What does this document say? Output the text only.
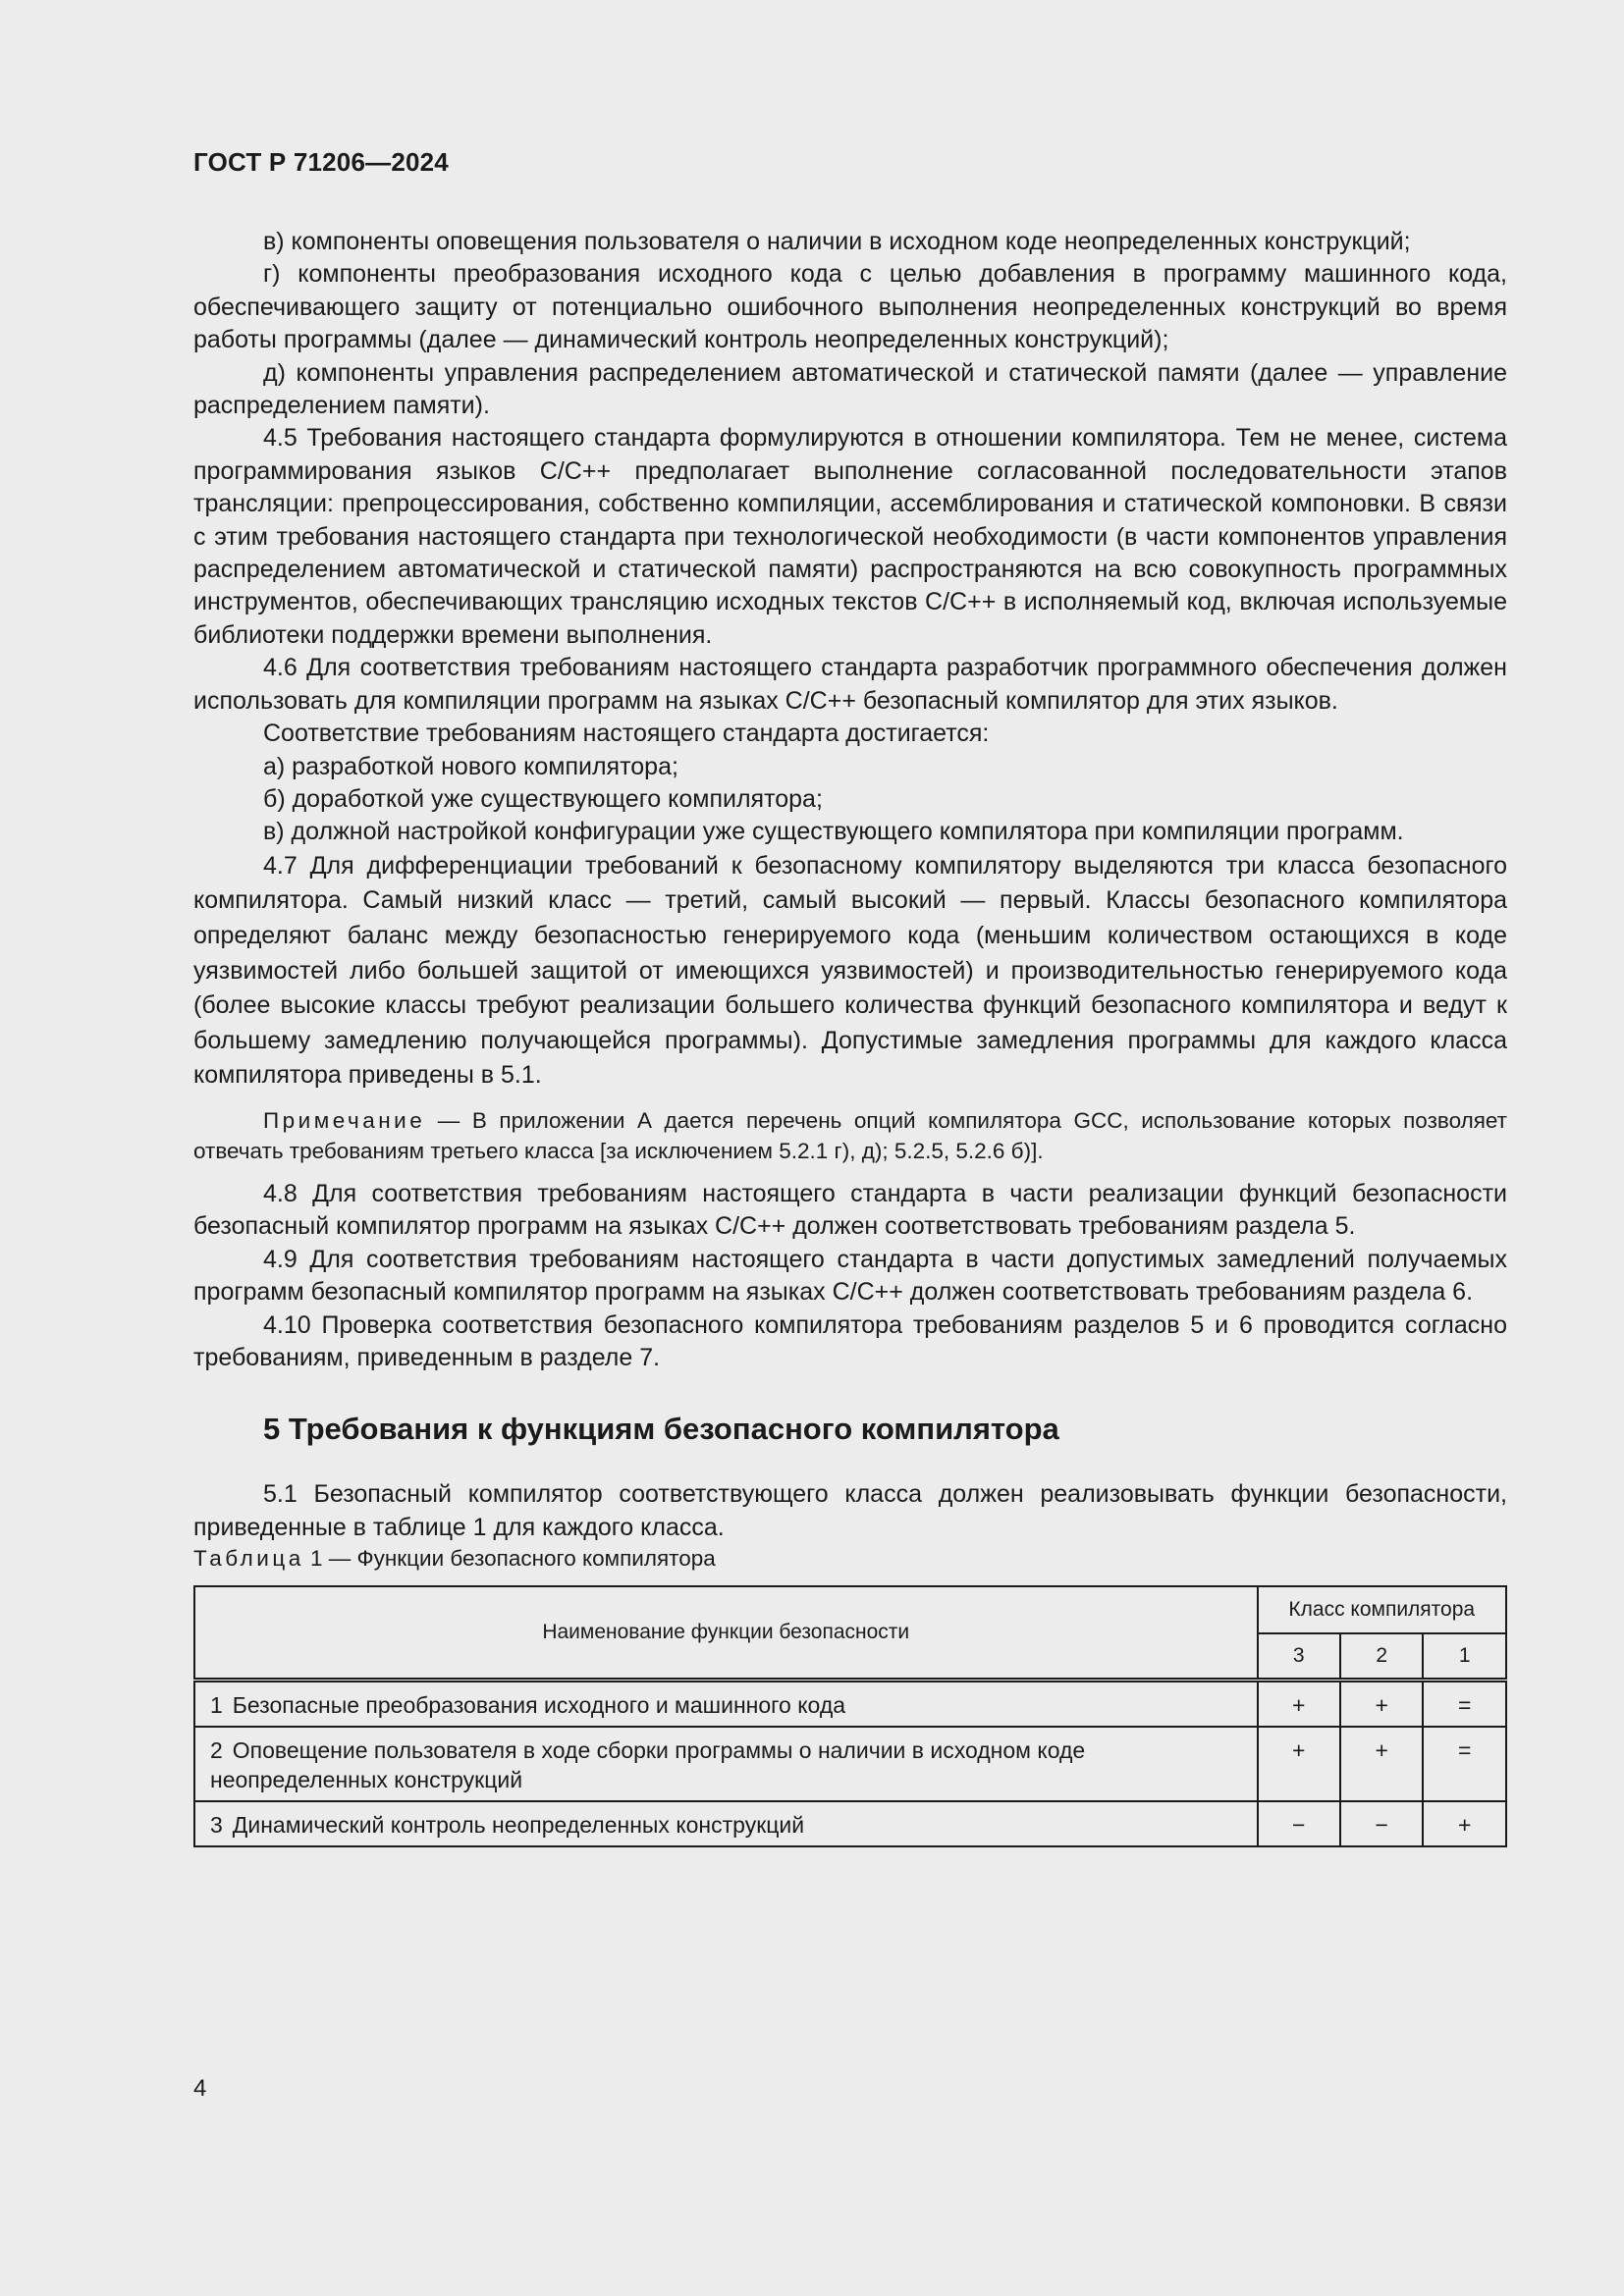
ГОСТ Р 71206—2024

в) компоненты оповещения пользователя о наличии в исходном коде неопределенных конструкций;

г) компоненты преобразования исходного кода с целью добавления в программу машинного кода, обеспечивающего защиту от потенциально ошибочного выполнения неопределенных конструкций во время работы программы (далее — динамический контроль неопределенных конструкций);

д) компоненты управления распределением автоматической и статической памяти (далее — управление распределением памяти).

4.5 Требования настоящего стандарта формулируются в отношении компилятора. Тем не менее, система программирования языков С/С++ предполагает выполнение согласованной последовательности этапов трансляции: препроцессирования, собственно компиляции, ассемблирования и статической компоновки. В связи с этим требования настоящего стандарта при технологической необходимости (в части компонентов управления распределением автоматической и статической памяти) распространяются на всю совокупность программных инструментов, обеспечивающих трансляцию исходных текстов С/С++ в исполняемый код, включая используемые библиотеки поддержки времени выполнения.

4.6 Для соответствия требованиям настоящего стандарта разработчик программного обеспечения должен использовать для компиляции программ на языках С/С++ безопасный компилятор для этих языков.

Соответствие требованиям настоящего стандарта достигается:

а) разработкой нового компилятора;

б) доработкой уже существующего компилятора;

в) должной настройкой конфигурации уже существующего компилятора при компиляции программ.

4.7 Для дифференциации требований к безопасному компилятору выделяются три класса безопасного компилятора. Самый низкий класс — третий, самый высокий — первый. Классы безопасного компилятора определяют баланс между безопасностью генерируемого кода (меньшим количеством остающихся в коде уязвимостей либо большей защитой от имеющихся уязвимостей) и производительностью генерируемого кода (более высокие классы требуют реализации большего количества функций безопасного компилятора и ведут к большему замедлению получающейся программы). Допустимые замедления программы для каждого класса компилятора приведены в 5.1.

Примечание — В приложении А дается перечень опций компилятора GCC, использование которых позволяет отвечать требованиям третьего класса [за исключением 5.2.1 г), д); 5.2.5, 5.2.6 б)].

4.8 Для соответствия требованиям настоящего стандарта в части реализации функций безопасности безопасный компилятор программ на языках С/С++ должен соответствовать требованиям раздела 5.

4.9 Для соответствия требованиям настоящего стандарта в части допустимых замедлений получаемых программ безопасный компилятор программ на языках С/С++ должен соответствовать требованиям раздела 6.

4.10 Проверка соответствия безопасного компилятора требованиям разделов 5 и 6 проводится согласно требованиям, приведенным в разделе 7.

5 Требования к функциям безопасного компилятора

5.1 Безопасный компилятор соответствующего класса должен реализовывать функции безопасности, приведенные в таблице 1 для каждого класса.

Таблица 1 — Функции безопасного компилятора

Наименование функции безопасности	Класс компилятора		
	3	2	1
1 Безопасные преобразования исходного и машинного кода	+	+	=
2 Оповещение пользователя в ходе сборки программы о наличии в исходном коде неопределенных конструкций	+	+	=
3 Динамический контроль неопределенных конструкций	−	−	+
4
